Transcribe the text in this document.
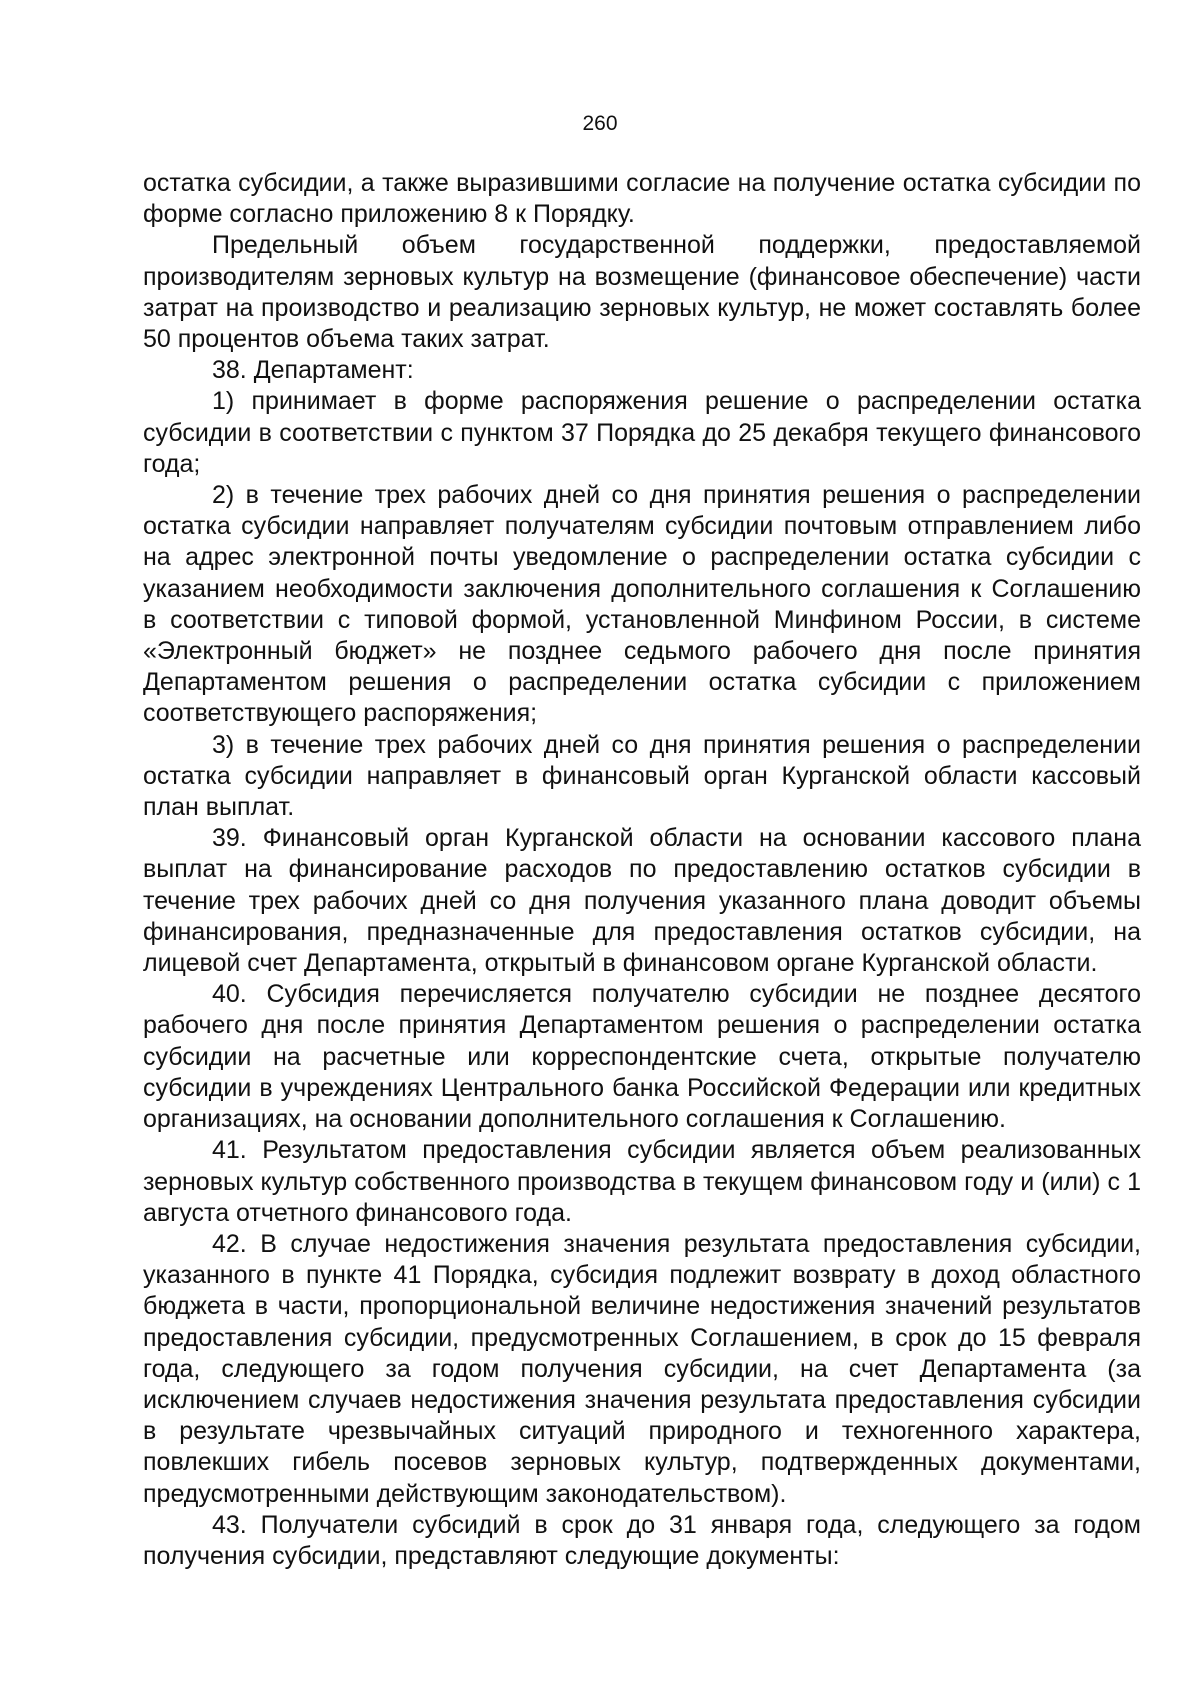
260

остатка субсидии, а также выразившими согласие на получение остатка субсидии по форме согласно приложению 8 к Порядку.

Предельный объем государственной поддержки, предоставляемой производителям зерновых культур на возмещение (финансовое обеспечение) части затрат на производство и реализацию зерновых культур, не может составлять более 50 процентов объема таких затрат.

38. Департамент:

1) принимает в форме распоряжения решение о распределении остатка субсидии в соответствии с пунктом 37 Порядка до 25 декабря текущего финансового года;

2) в течение трех рабочих дней со дня принятия решения о распределении остатка субсидии направляет получателям субсидии почтовым отправлением либо на адрес электронной почты уведомление о распределении остатка субсидии с указанием необходимости заключения дополнительного соглашения к Соглашению в соответствии с типовой формой, установленной Минфином России, в системе «Электронный бюджет» не позднее седьмого рабочего дня после принятия Департаментом решения о распределении остатка субсидии с приложением соответствующего распоряжения;

3) в течение трех рабочих дней со дня принятия решения о распределении остатка субсидии направляет в финансовый орган Курганской области кассовый план выплат.

39. Финансовый орган Курганской области на основании кассового плана выплат на финансирование расходов по предоставлению остатков субсидии в течение трех рабочих дней со дня получения указанного плана доводит объемы финансирования, предназначенные для предоставления остатков субсидии, на лицевой счет Департамента, открытый в финансовом органе Курганской области.

40. Субсидия перечисляется получателю субсидии не позднее десятого рабочего дня после принятия Департаментом решения о распределении остатка субсидии на расчетные или корреспондентские счета, открытые получателю субсидии в учреждениях Центрального банка Российской Федерации или кредитных организациях, на основании дополнительного соглашения к Соглашению.

41. Результатом предоставления субсидии является объем реализованных зерновых культур собственного производства в текущем финансовом году и (или) с 1 августа отчетного финансового года.

42. В случае недостижения значения результата предоставления субсидии, указанного в пункте 41 Порядка, субсидия подлежит возврату в доход областного бюджета в части, пропорциональной величине недостижения значений результатов предоставления субсидии, предусмотренных Соглашением, в срок до 15 февраля года, следующего за годом получения субсидии, на счет Департамента (за исключением случаев недостижения значения результата предоставления субсидии в результате чрезвычайных ситуаций природного и техногенного характера, повлекших гибель посевов зерновых культур, подтвержденных документами, предусмотренными действующим законодательством).

43. Получатели субсидий в срок до 31 января года, следующего за годом получения субсидии, представляют следующие документы:
